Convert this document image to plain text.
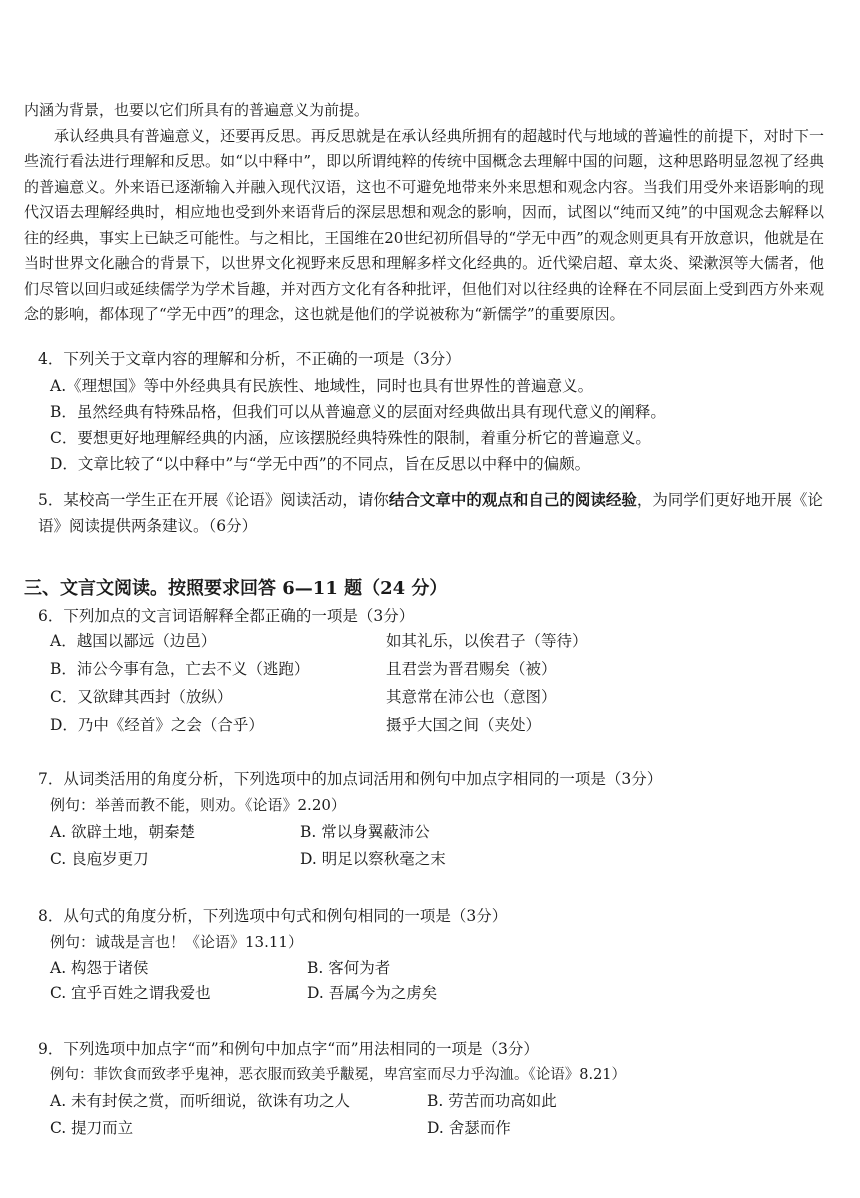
内涵为背景，也要以它们所具有的普遍意义为前提。

承认经典具有普遍意义，还要再反思。再反思就是在承认经典所拥有的超越时代与地域的普遍性的前提下，对时下一些流行看法进行理解和反思。如“以中释中”，即以所谓纯粹的传统中国概念去理解中国的问题，这种思路明显忽视了经典的普遍意义。外来语已逐渐输入并融入现代汉语，这也不可避免地带来外来思想和观念内容。当我们用受外来语影响的现代汉语去理解经典时，相应地也受到外来语背后的深层思想和观念的影响，因而，试图以“纯而又纯”的中国观念去解释以往的经典，事实上已缺乏可能性。与之相比，王国维在20世纪初所倡导的“学无中西”的观念则更具有开放意识，他就是在当时世界文化融合的背景下，以世界文化视野来反思和理解多样文化经典的。近代梁启超、章太炎、梁漱溟等大儒者，他们尽管以回归或延续儒学为学术旨趣，并对西方文化有各种批评，但他们对以往经典的诠释在不同层面上受到西方外来观念的影响，都体现了“学无中西”的理念，这也就是他们的学说被称为“新儒学”的重要原因。

4．下列关于文章内容的理解和分析，不正确的一项是（3分）
A.《理想国》等中外经典具有民族性、地域性，同时也具有世界性的普遍意义。
B．虽然经典有特殊品格，但我们可以从普遍意义的层面对经典做出具有现代意义的阐释。
C．要想更好地理解经典的内涵，应该摆脱经典特殊性的限制，着重分析它的普遍意义。
D．文章比较了“以中释中”与“学无中西”的不同点，旨在反思以中释中的偏颇。
5．某校高一学生正在开展《论语》阅读活动，请你结合文章中的观点和自己的阅读经验，为同学们更好地开展《论语》阅读提供两条建议。（6分）
三、文言文阅读。按照要求回答 6—11 题（24 分）
6．下列加点的文言词语解释全都正确的一项是（3分）
A．越国以鄙远（边邑）	如其礼乐，以俟君子（等待）
B．沛公今事有急，亡去不义（逃跑）	且君尝为晋君赐矣（被）
C．又欲肆其西封（放纵）	其意常在沛公也（意图）
D．乃中《经首》之会（合乎）	摄乎大国之间（夹处）
7．从词类活用的角度分析，下列选项中的加点词活用和例句中加点字相同的一项是（3分）
例句：举善而教不能，则劝。《论语》2.20）
A. 欲辟土地，朝秦楚	B. 常以身翼蔽沛公
C. 良庖岁更刀	D. 明足以察秋毫之末
8．从句式的角度分析，下列选项中句式和例句相同的一项是（3分）
例句：诚哉是言也！《论语》13.11）
A. 构怨于诸侯	B. 客何为者
C. 宜乎百姓之谓我爱也	D. 吾属今为之虏矣
9．下列选项中加点字“而”和例句中加点字“而”用法相同的一项是（3分）
例句：菲饮食而致孝乎鬼神，恶衣服而致美乎黻冕，卑宫室而尽力乎沟洫。《论语》8.21）
A. 未有封侯之赏，而听细说，欲诛有功之人	B. 劳苦而功高如此
C. 提刀而立	D. 舍瑟而作
